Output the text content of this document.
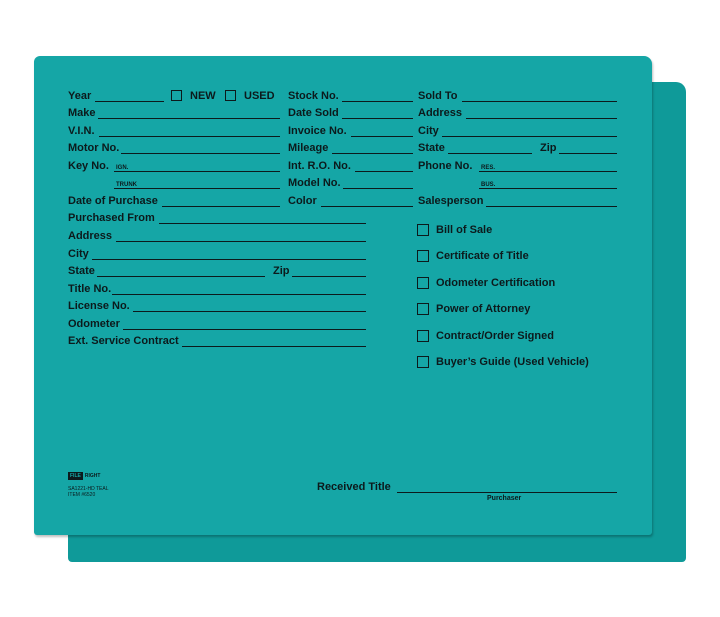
Year	NEW	USED
Make
V.I.N.
Motor No.
Key No. IGN.
TRUNK
Date of Purchase
Purchased From
Address
City
State	Zip
Title No.
License No.
Odometer
Ext. Service Contract
Stock No.
Date Sold
Invoice No.
Mileage
Int. R.O. No.
Model No.
Color
Sold To
Address
City
State	Zip
Phone No. RES.
BUS.
Salesperson
Bill of Sale
Certificate of Title
Odometer Certification
Power of Attorney
Contract/Order Signed
Buyer’s Guide (Used Vehicle)
FILE RIGHT
SA1221-HD TEAL
ITEM #6520
Received Title
Purchaser
